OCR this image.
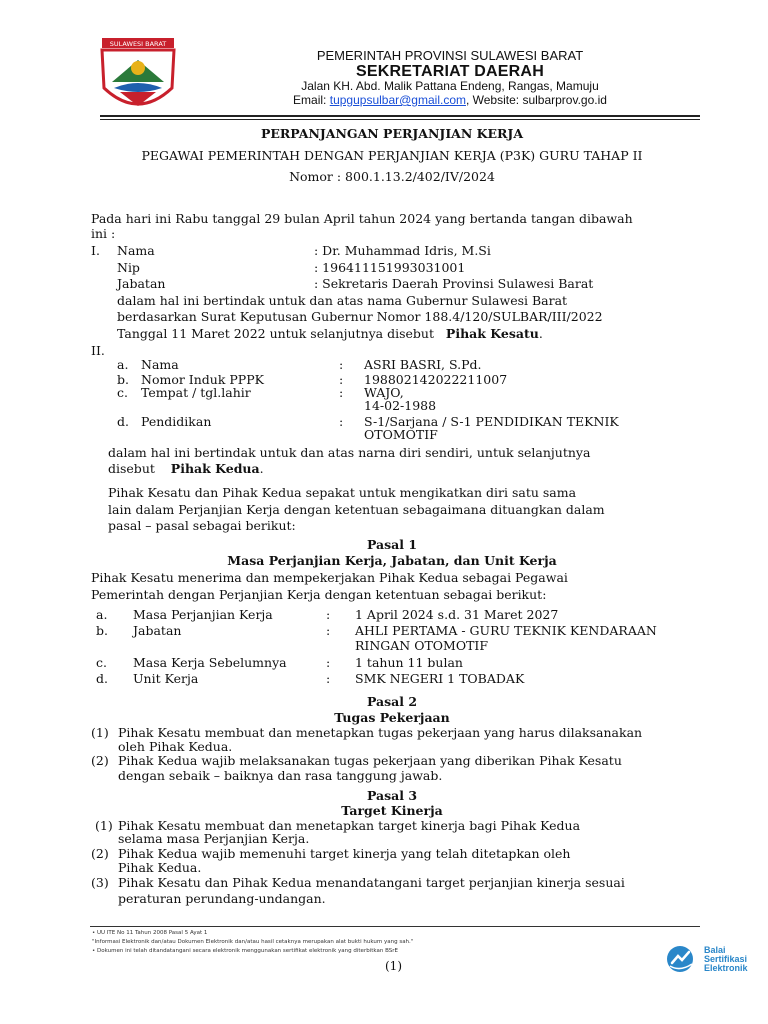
SULAWESI BARAT
PEMERINTAH PROVINSI SULAWESI BARAT
SEKRETARIAT DAERAH
Jalan KH. Abd. Malik Pattana Endeng, Rangas, Mamuju
Email: tupgupsulbar@gmail.com, Website: sulbarprov.go.id
PERPANJANGAN PERJANJIAN KERJA
PEGAWAI PEMERINTAH DENGAN PERJANJIAN KERJA (P3K) GURU TAHAP II
Nomor : 800.1.13.2/402/IV/2024
Pada hari ini Rabu tanggal 29 bulan April tahun 2024 yang bertanda tangan dibawah
ini :
I. Nama	: Dr. Muhammad Idris, M.Si
Nip	: 196411151993031001
Jabatan	: Sekretaris Daerah Provinsi Sulawesi Barat
dalam hal ini bertindak untuk dan atas nama Gubernur Sulawesi Barat
berdasarkan Surat Keputusan Gubernur Nomor 188.4/120/SULBAR/III/2022
Tanggal 11 Maret 2022 untuk selanjutnya disebut Pihak Kesatu.
II.
a. Nama	: ASRI BASRI, S.Pd.
b. Nomor Induk PPPK	: 198802142022211007
c. Tempat / tgl.lahir	: WAJO,
14-02-1988
d. Pendidikan	: S-1/Sarjana / S-1 PENDIDIKAN TEKNIK
OTOMOTIF
dalam hal ini bertindak untuk dan atas narna diri sendiri, untuk selanjutnya
disebut Pihak Kedua.
Pihak Kesatu dan Pihak Kedua sepakat untuk mengikatkan diri satu sama
lain dalam Perjanjian Kerja dengan ketentuan sebagaimana dituangkan dalam
pasal – pasal sebagai berikut:
Pasal 1
Masa Perjanjian Kerja, Jabatan, dan Unit Kerja
Pihak Kesatu menerima dan mempekerjakan Pihak Kedua sebagai Pegawai
Pemerintah dengan Perjanjian Kerja dengan ketentuan sebagai berikut:
a. Masa Perjanjian Kerja	: 1 April 2024 s.d. 31 Maret 2027
b. Jabatan	: AHLI PERTAMA - GURU TEKNIK KENDARAAN
RINGAN OTOMOTIF
c. Masa Kerja Sebelumnya	: 1 tahun 11 bulan
d. Unit Kerja	: SMK NEGERI 1 TOBADAK
Pasal 2
Tugas Pekerjaan
(1) Pihak Kesatu membuat dan menetapkan tugas pekerjaan yang harus dilaksanakan
oleh Pihak Kedua.
(2) Pihak Kedua wajib melaksanakan tugas pekerjaan yang diberikan Pihak Kesatu
dengan sebaik – baiknya dan rasa tanggung jawab.
Pasal 3
Target Kinerja
(1) Pihak Kesatu membuat dan menetapkan target kinerja bagi Pihak Kedua
selama masa Perjanjian Kerja.
(2) Pihak Kedua wajib memenuhi target kinerja yang telah ditetapkan oleh
Pihak Kedua.
(3) Pihak Kesatu dan Pihak Kedua menandatangani target perjanjian kinerja sesuai
peraturan perundang-undangan.
• UU ITE No 11 Tahun 2008 Pasal 5 Ayat 1
"Informasi Elektronik dan/atau Dokumen Elektronik dan/atau hasil cetaknya merupakan alat bukti hukum yang sah."
• Dokumen ini telah ditandatangani secara elektronik menggunakan sertifikat elektronik yang diterbitkan BSrE
(1)
Balai
Sertifikasi
Elektronik
